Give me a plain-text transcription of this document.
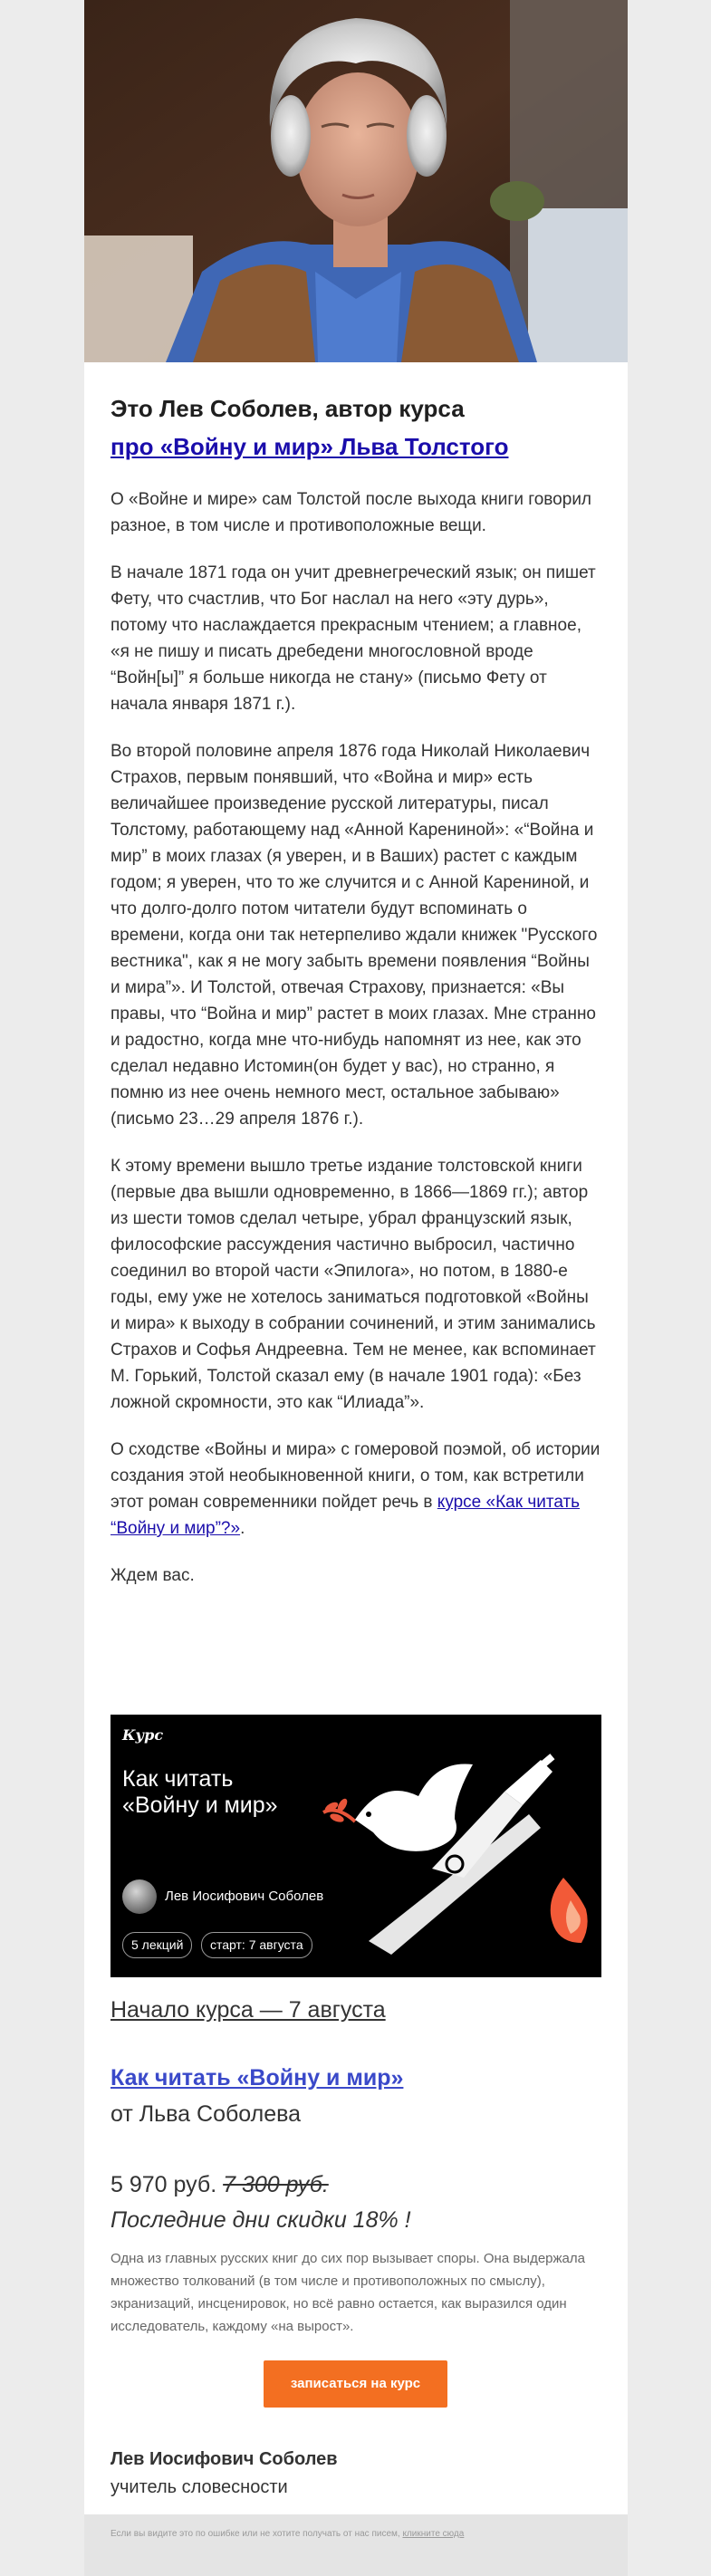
Это Лев Соболев, автор курса
про «Войну и мир» Льва Толстого

О «Войне и мире» сам Толстой после выхода книги говорил разное, в том числе и противоположные вещи.

В начале 1871 года он учит древнегреческий язык; он пишет Фету, что счастлив, что Бог наслал на него «эту дурь», потому что наслаждается прекрасным чтением; а главное, «я не пишу и писать дребедени многословной вроде “Войн[ы]” я больше никогда не стану» (письмо Фету от начала января 1871 г.).

Во второй половине апреля 1876 года Николай Николаевич Страхов, первым понявший, что «Война и мир» есть величайшее произведение русской литературы, писал Толстому, работающему над «Анной Карениной»: «“Война и мир” в моих глазах (я уверен, и в Ваших) растет с каждым годом; я уверен, что то же случится и с Анной Карениной, и что долго-долго потом читатели будут вспоминать о времени, когда они так нетерпеливо ждали книжек "Русского вестника", как я не могу забыть времени появления “Войны и мира”». И Толстой, отвечая Страхову, признается: «Вы правы, что “Война и мир” растет в моих глазах. Мне странно и радостно, когда мне что-нибудь напомнят из нее, как это сделал недавно Истомин(он будет у вас), но странно, я помню из нее очень немного мест, остальное забываю» (письмо 23…29 апреля 1876 г.).

К этому времени вышло третье издание толстовской книги (первые два вышли одновременно, в 1866—1869 гг.); автор из шести томов сделал четыре, убрал французский язык, философские рассуждения частично выбросил, частично соединил во второй части «Эпилога», но потом, в 1880-е годы, ему уже не хотелось заниматься подготовкой «Войны и мира» к выходу в собрании сочинений, и этим занимались Страхов и Софья Андреевна. Тем не менее, как вспоминает М. Горький, Толстой сказал ему (в начале 1901 года): «Без ложной скромности, это как “Илиада”».

О сходстве «Войны и мира» с гомеровой поэмой, об истории создания этой необыкновенной книги, о том, как встретили этот роман современники пойдет речь в курсе «Как читать “Войну и мир”?».

Ждем вас.

Курс
Как читать
«Войну и мир»
Лев Иосифович Соболев
5 лекций	старт: 7 августа
Начало курса — 7 августа
Как читать «Войну и мир»
от Льва Соболева
5 970 руб. 7 300 руб.
Последние дни скидки 18% !
Одна из главных русских книг до сих пор вызывает споры. Она выдержала множество толкований (в том числе и противоположных по смыслу), экранизаций, инсценировок, но всё равно остается, как выразился один исследователь, каждому «на вырост».
записаться на курс
Лев Иосифович Соболев
учитель словесности
Если вы видите это по ошибке или не хотите получать от нас писем, кликните сюда
